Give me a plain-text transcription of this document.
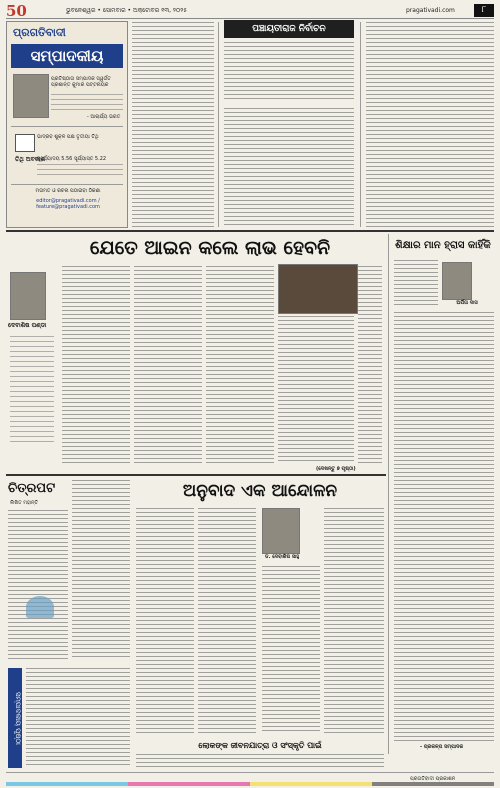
50	ଭୁବନେଶ୍ୱର • ସୋମବାର • ଅକ୍ଟୋବର ୧୩, ୨୦୨୫	pragativadi.com	୮
ପ୍ରଗତିବାଦୀ
ସମ୍ପାଦକୀୟ
ପ୍ରତିଷ୍ଠାତା ସମ୍ପାଦକ ସ୍ୱର୍ଗତ ପ୍ରଶାନ୍ତ କୁମାର ପଟ୍ଟନାୟକ
- ଆଚାର୍ଯ୍ୟ ଭରତ
ଭାଦ୍ରବ ଶୁକ୍ଳ ପକ୍ଷ ତୃତୀୟା ତିଥି
ତିଥି ଅବକାଶ
ସୂର୍ଯ୍ୟୋଦୟ 5.56 ସୂର୍ଯ୍ୟାସ୍ତ 5.22
ମତାମତ ଓ ରଚନା ପଠାଇବା ଠିକଣା
editor@pragativadi.com / feature@pragativadi.com
ପଞ୍ଚାୟତୀରାଜ ନିର୍ବାଚନ
ଯେତେ ଆଇନ କଲେ ଲାଭ ହେବନି
ଦେବାଶିଷ ପଣ୍ଡା
(ଦେଖନ୍ତୁ ୭ ପୃଷ୍ଠା)
ଶିକ୍ଷାର ମାନ ହ୍ରାସ କାହିଁକି
ଅର୍ପିତା ଦାସ
- ପ୍ରକଳ୍ପ ସମ୍ପାଦକ
ଚିତ୍ରପଟ
ଲିଖିତ ମହାନ୍ତି
ସମ୍ପାଦକୀୟ ପୃଷ୍ଠା
ଅନୁବାଦ ଏକ ଆନ୍ଦୋଳନ
ଡ. ଦେବାଶିଷ ସାହୁ
ଲୋକଙ୍କ ଜୀବନଯାତ୍ରା ଓ ସଂସ୍କୃତି ପାଇଁ
ପ୍ରଗତିବାଦୀ ପ୍ରକାଶନ
